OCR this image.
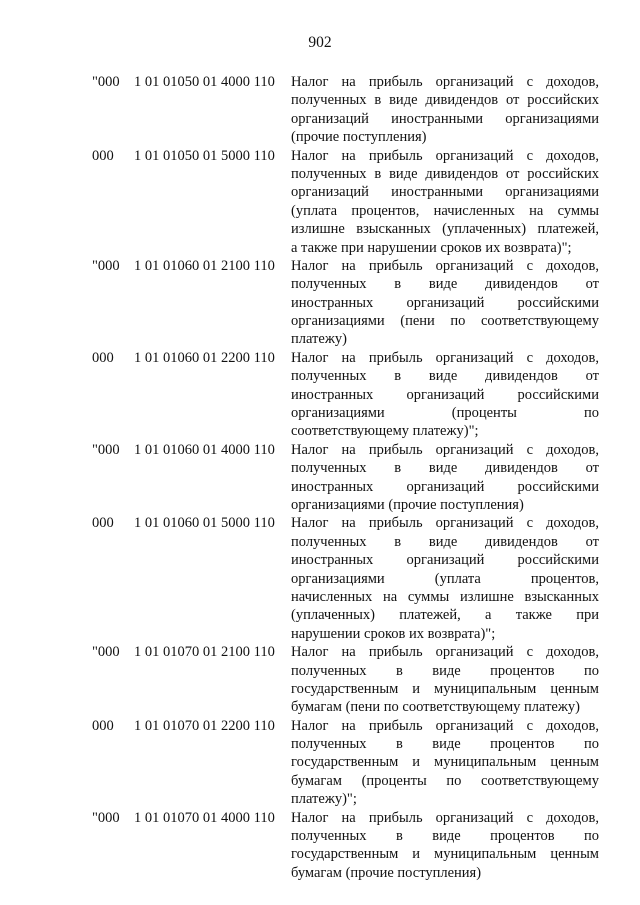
902
"000 1 01 01050 01 4000 110	Налог на прибыль организаций с доходов,
полученных в виде дивидендов от российских
организаций иностранными организациями
(прочие поступления)
000	1 01 01050 01 5000 110	Налог на прибыль организаций с доходов,
полученных в виде дивидендов от российских
организаций иностранными организациями
(уплата процентов, начисленных на суммы
излишне взысканных (уплаченных) платежей,
а также при нарушении сроков их возврата)";
"000 1 01 01060 01 2100 110	Налог на прибыль организаций с доходов,
полученных в виде дивидендов от
иностранных организаций российскими
организациями (пени по соответствующему
платежу)
000	1 01 01060 01 2200 110	Налог на прибыль организаций с доходов,
полученных в виде дивидендов от
иностранных организаций российскими
организациями (проценты по
соответствующему платежу)";
"000 1 01 01060 01 4000 110	Налог на прибыль организаций с доходов,
полученных в виде дивидендов от
иностранных организаций российскими
организациями (прочие поступления)
000	1 01 01060 01 5000 110	Налог на прибыль организаций с доходов,
полученных в виде дивидендов от
иностранных организаций российскими
организациями (уплата процентов,
начисленных на суммы излишне взысканных
(уплаченных) платежей, а также при
нарушении сроков их возврата)";
"000 1 01 01070 01 2100 110	Налог на прибыль организаций с доходов,
полученных в виде процентов по
государственным и муниципальным ценным
бумагам (пени по соответствующему платежу)
000	1 01 01070 01 2200 110	Налог на прибыль организаций с доходов,
полученных в виде процентов по
государственным и муниципальным ценным
бумагам (проценты по соответствующему
платежу)";
"000 1 01 01070 01 4000 110	Налог на прибыль организаций с доходов,
полученных в виде процентов по
государственным и муниципальным ценным
бумагам (прочие поступления)
